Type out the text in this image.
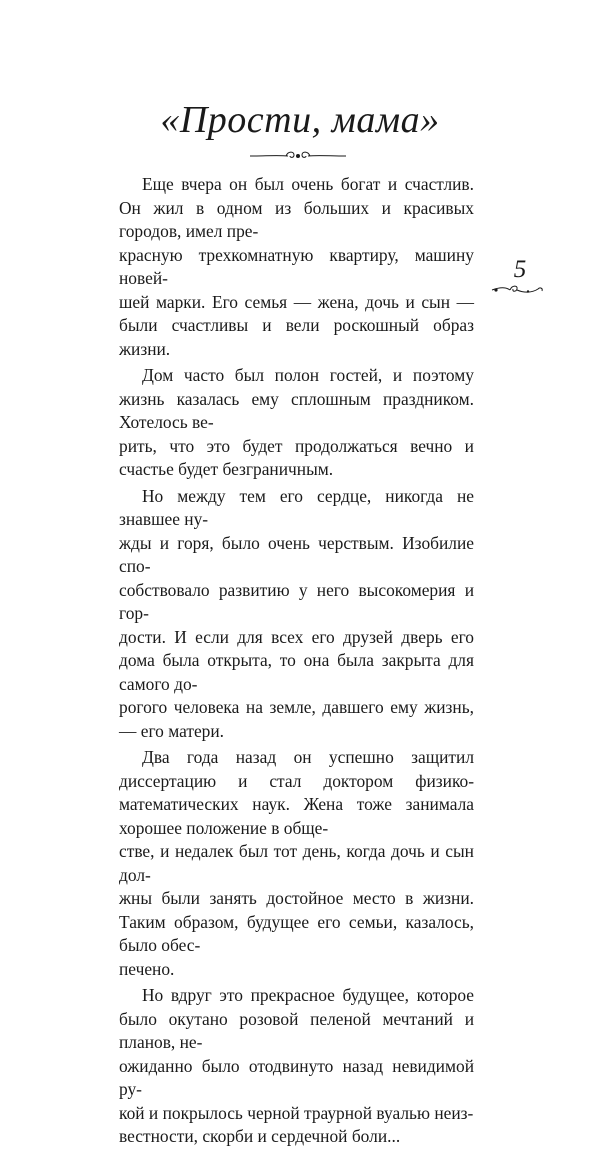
«Прости, мама»

Еще вчера он был очень богат и счастлив. Он жил в одном из больших и красивых городов, имел пре-
красную трехкомнатную квартиру, машину новей-
шей марки. Его семья — жена, дочь и сын — были счастливы и вели роскошный образ жизни.

Дом часто был полон гостей, и поэтому жизнь казалась ему сплошным праздником. Хотелось ве-
рить, что это будет продолжаться вечно и счастье будет безграничным.

Но между тем его сердце, никогда не знавшее ну-
жды и горя, было очень черствым. Изобилие спо-
собствовало развитию у него высокомерия и гор-
дости. И если для всех его друзей дверь его дома была открыта, то она была закрыта для самого до-
рогого человека на земле, давшего ему жизнь, — его матери.

Два года назад он успешно защитил диссертацию и стал доктором физико-математических наук. Жена тоже занимала хорошее положение в обще-
стве, и недалек был тот день, когда дочь и сын дол-
жны были занять достойное место в жизни. Таким образом, будущее его семьи, казалось, было обес-
печено.

Но вдруг это прекрасное будущее, которое было окутано розовой пеленой мечтаний и планов, не-
ожиданно было отодвинуто назад невидимой ру-
кой и покрылось черной траурной вуалью неиз-
вестности, скорби и сердечной боли...

5
